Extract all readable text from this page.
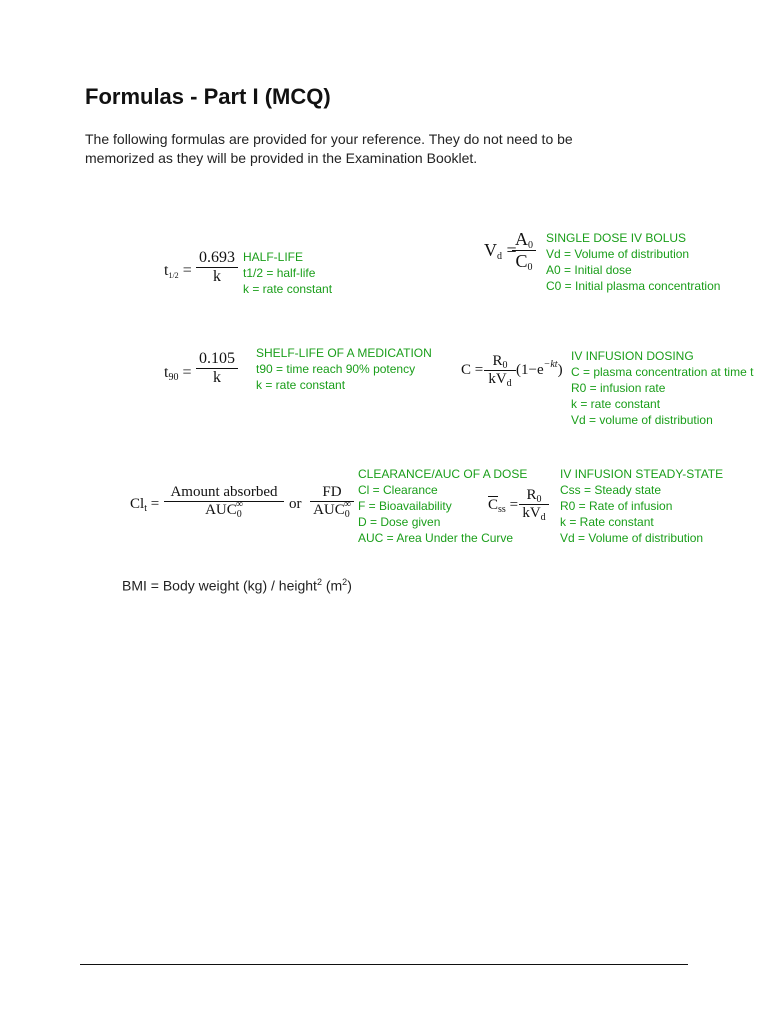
Formulas - Part I (MCQ)
The following formulas are provided for your reference. They do not need to be
memorized as they will be provided in the Examination Booklet.
t1/2 =
0.693
k
HALF-LIFE
t1/2 = half-life
k = rate constant
Vd =
A0
C0
SINGLE DOSE IV BOLUS
Vd = Volume of distribution
A0 = Initial dose
C0 = Initial plasma concentration
t90 =
0.105
k
SHELF-LIFE OF A MEDICATION
t90 = time reach 90% potency
k = rate constant
C =
$R_0$
$kV_d$
$(1-e^{-kt})$
IV INFUSION DOSING
C = plasma concentration at time t
R0 = infusion rate
k = rate constant
Vd = volume of distribution
$Cl_t$ =
Amount absorbed
$AUC_0^\infty$	or
FD
$AUC_0^\infty$
CLEARANCE/AUC OF A DOSE
Cl = Clearance
F = Bioavailability
D = Dose given
AUC = Area Under the Curve
$\overline{C}_{ss}$ =
$R_0$
$kV_d$
IV INFUSION STEADY-STATE
Css = Steady state
R0 = Rate of infusion
k = Rate constant
Vd = Volume of distribution
BMI = Body weight (kg) / height$^2$ $(m^2)$
